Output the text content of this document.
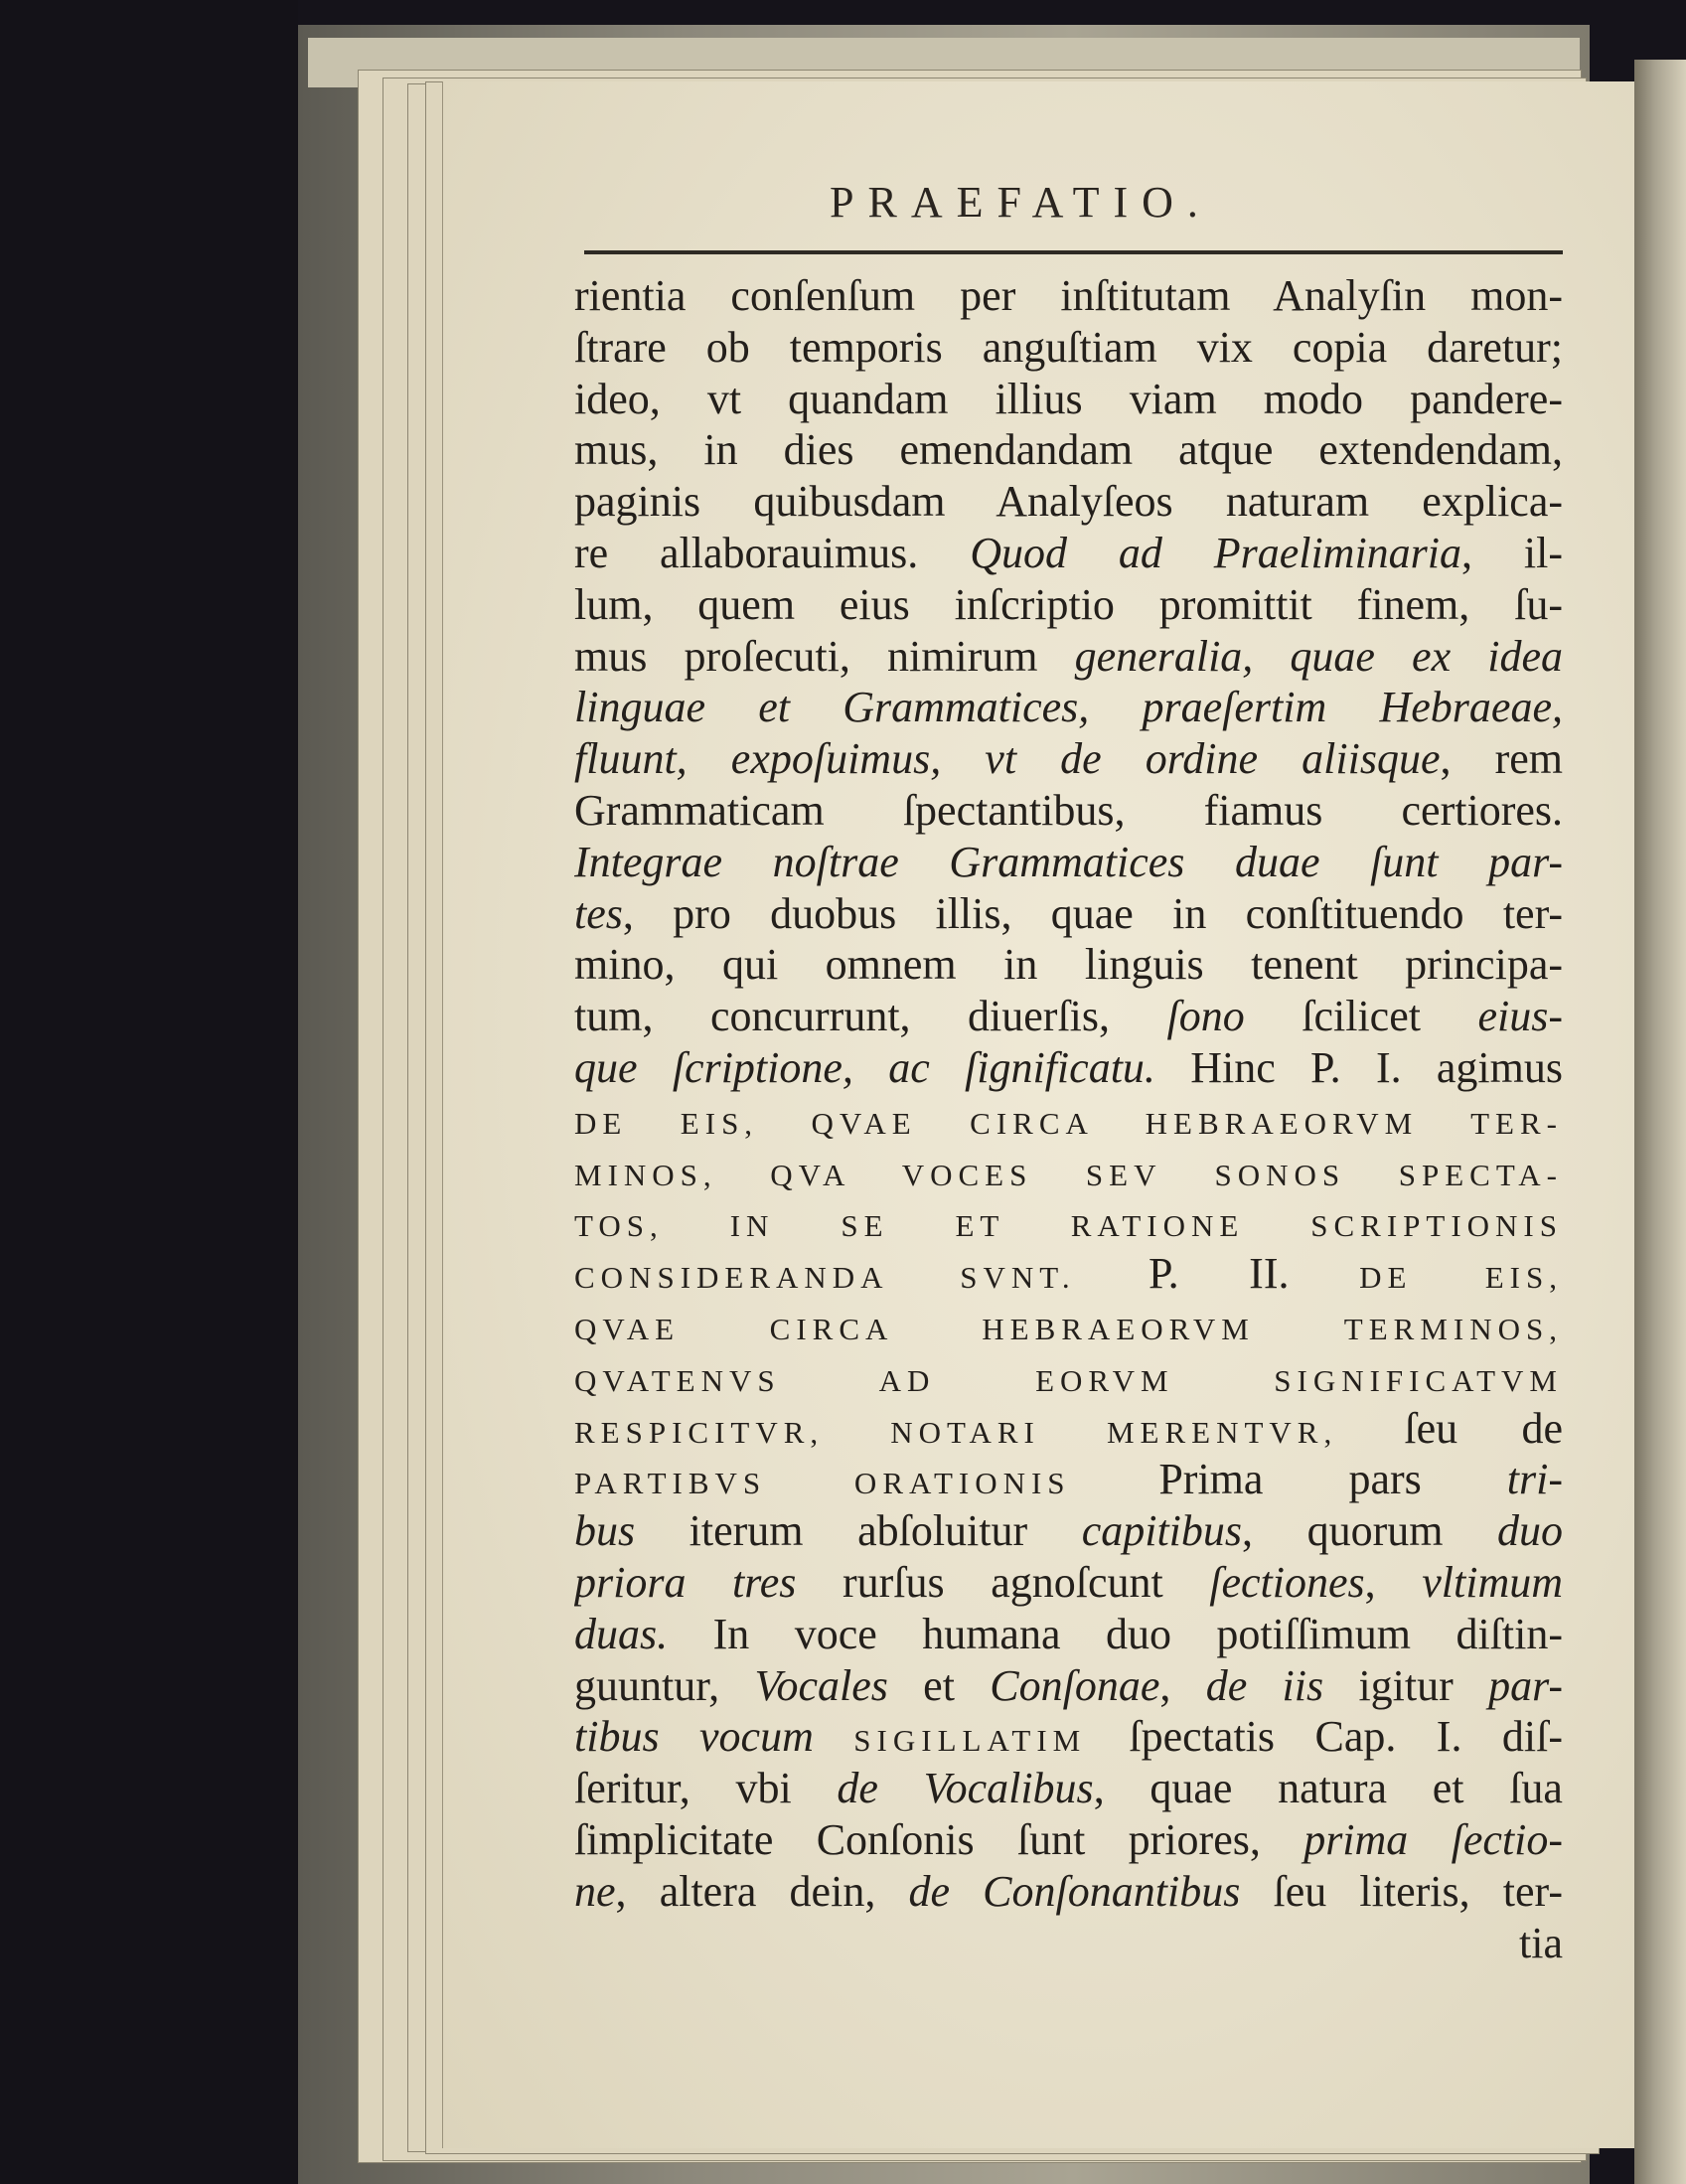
PRAEFATIO.
rientia conſenſum per inſtitutam Analyſin mon-
ſtrare ob temporis anguſtiam vix copia daretur;
ideo, vt quandam illius viam modo pandere-
mus, in dies emendandam atque extendendam,
paginis quibusdam Analyſeos naturam explica-
re allaborauimus. Quod ad Praeliminaria, il-
lum, quem eius inſcriptio promittit finem, ſu-
mus proſecuti, nimirum generalia, quae ex idea
linguae et Grammatices, praeſertim Hebraeae,
fluunt, expoſuimus, vt de ordine aliisque, rem
Grammaticam ſpectantibus, fiamus certiores.
Integrae noſtrae Grammatices duae ſunt par-
tes, pro duobus illis, quae in conſtituendo ter-
mino, qui omnem in linguis tenent principa-
tum, concurrunt, diuerſis, ſono ſcilicet eius-
que ſcriptione, ac ſignificatu. Hinc P. I. agimus
DE EIS, QVAE CIRCA HEBRAEORVM TER-
MINOS, QVA VOCES SEV SONOS SPECTA-
TOS, IN SE ET RATIONE SCRIPTIONIS
CONSIDERANDA SVNT. P. II. DE EIS,
QVAE CIRCA HEBRAEORVM TERMINOS,
QVATENVS AD EORVM SIGNIFICATVM
RESPICITVR, NOTARI MERENTVR, ſeu de
PARTIBVS ORATIONIS Prima pars tri-
bus iterum abſoluitur capitibus, quorum duo
priora tres rurſus agnoſcunt ſectiones, vltimum
duas. In voce humana duo potiſſimum diſtin-
guuntur, Vocales et Conſonae, de iis igitur par-
tibus vocum SIGILLATIM ſpectatis Cap. I. diſ-
ſeritur, vbi de Vocalibus, quae natura et ſua
ſimplicitate Conſonis ſunt priores, prima ſectio-
ne, altera dein, de Conſonantibus ſeu literis, ter-
tia
